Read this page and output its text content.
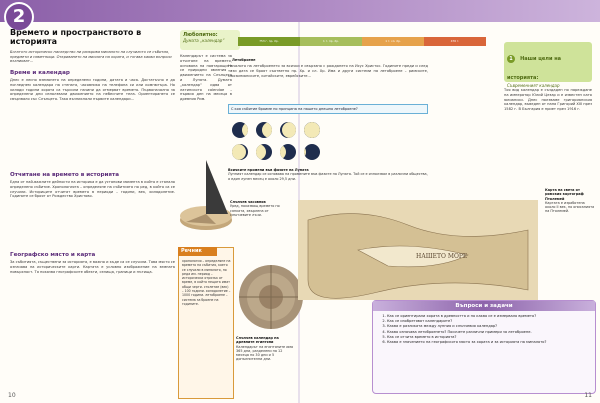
2
Времето и пространството в историята
Богатото историческо наследство ни разкрива миналото на случилото се събития, предмети и паметници. Откриването на мисията на хората, и тогава какви въпроси възникват...
Време и календар
Днес е лесно вземането на определени години, датата и часа. Достатъчно е да погледнем календара на стената, часовника на телефона си или компютъра. Но хиляди години хората са търсили начини да отмерват времето. Първоначално за определени дни използвали движението на небесните тела. Ориентирането се свързвало със Слънцето. Така възникнали първите календари...
Отчитане на времето в историята
Една от най-важните дейности на историка е да установи момента в който е станало определено събитие. Хронологията – определяне на събитията по ред, в който са се случили. Историците отчитат времето в периоди – години, век, хилядолетие. Годините се броят от Рождество Христово.
Географско място и карта
За събитията, съществени за историята, е важно и къде са се случили. Това място се означава на историческите карти. Картата е условно изображение на земната повърхност. Тя показва географските обекти, селища, граници и пътища.
Любопитно:
Думата „календар“
Календарът е система за отчитане на времето, основана на повтарящите се природни явления – движението на Слънцето и Луната. Думата „календар“ идва от латинското calendae – първия ден на месеца в древния Рим.
Слънчев часовник
Уред, показващ времето по сянката, хвърлена от слънчевите лъчи.
Речник
хронология – определяне на времето на събития, което се случили в миналото, по реда им. период – исторически отрязък от време, в който нещата имат общи черти. столетие (век) – 100 години. хилядолетие – 1000 години. летоброене – система за броене на годините.
Слънчев календар на древните египтяни
Календарът на египтяните има 365 дни, разделени на 12 месеца по 30 дни и 5 допълнителни дни.
10
753 г. пр. Хр.	1 г. пр. Хр.	1 г. сл. Хр.	476 г.
Летоброене
Началото на летоброенето за всички е свързано с раждането на Исус Христос. Годините преди и след тази дата се броят съответно пр. Хр. и сл. Хр. Има и други системи на летоброене – римските, мюсюлманските, китайските, еврейските...
С коя събитие броиме по принципа на нашето днешно летоброене?
Всичките промени във фазите на Луната
Лунният календар се основава на промените във фазите на Луната. Той се е използвал в различни общества, а един лунен месец е около 29,5 дни.
1 Наши цели на историята:
Съвременният календар
Тоя вид календар е създаден по нареждане на император Юлий Цезар и е известен като юлиански. Днес ползваме григорианския календар, въведен от папа Григорий XIII през 1582 г. В България е приет през 1916 г.
НАШЕТО МОРЕ
Карта на света от римския картограф Птолемей
Картата е изработена около II век, по описанията на Птолемей.
Въпроси и задачи
1. Как се ориентирали хората в древността и по какво се е измервало времето?
2. Как се изобретяват календарите?
3. Каква е разликата между лунния и слънчевия календар?
4. Какво означава летоброенето? Посочете различни примери за летоброене.
5. Как се отчита времето в историята?
6. Каква е значението на географското място за хората и за историята на миналото?
11
